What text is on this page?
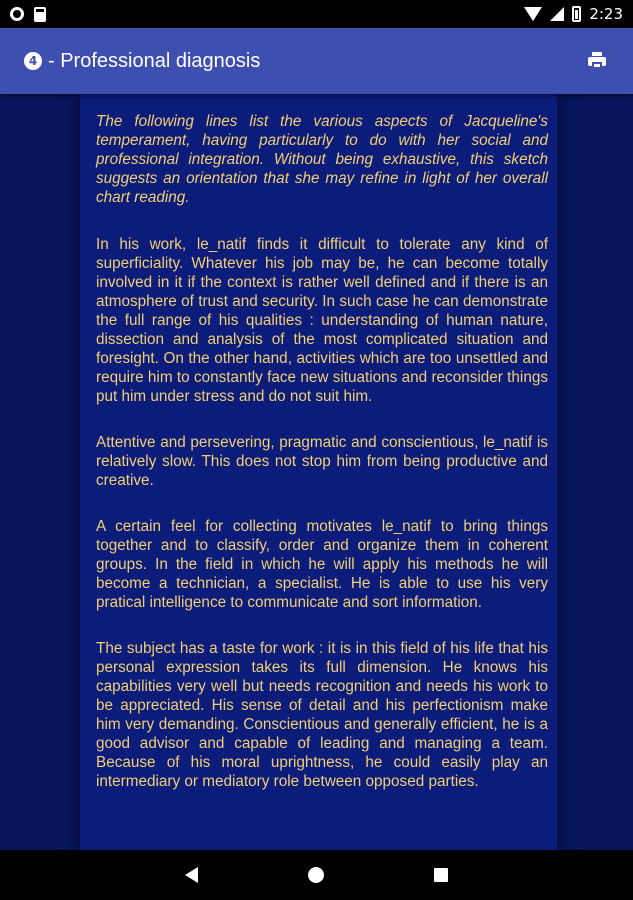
2:23
4 - Professional diagnosis

The following lines list the various aspects of Jacqueline's temperament, having particularly to do with her social and professional integration. Without being exhaustive, this sketch suggests an orientation that she may refine in light of her overall chart reading.

In his work, le_natif finds it difficult to tolerate any kind of superficiality. Whatever his job may be, he can become totally involved in it if the context is rather well defined and if there is an atmosphere of trust and security. In such case he can demonstrate the full range of his qualities : understanding of human nature, dissection and analysis of the most complicated situation and foresight. On the other hand, activities which are too unsettled and require him to constantly face new situations and reconsider things put him under stress and do not suit him.

Attentive and persevering, pragmatic and conscientious, le_natif is relatively slow. This does not stop him from being productive and creative.

A certain feel for collecting motivates le_natif to bring things together and to classify, order and organize them in coherent groups. In the field in which he will apply his methods he will become a technician, a specialist. He is able to use his very pratical intelligence to communicate and sort information.

The subject has a taste for work : it is in this field of his life that his personal expression takes its full dimension. He knows his capabilities very well but needs recognition and needs his work to be appreciated. His sense of detail and his perfectionism make him very demanding. Conscientious and generally efficient, he is a good advisor and capable of leading and managing a team. Because of his moral uprightness, he could easily play an intermediary or mediatory role between opposed parties.
